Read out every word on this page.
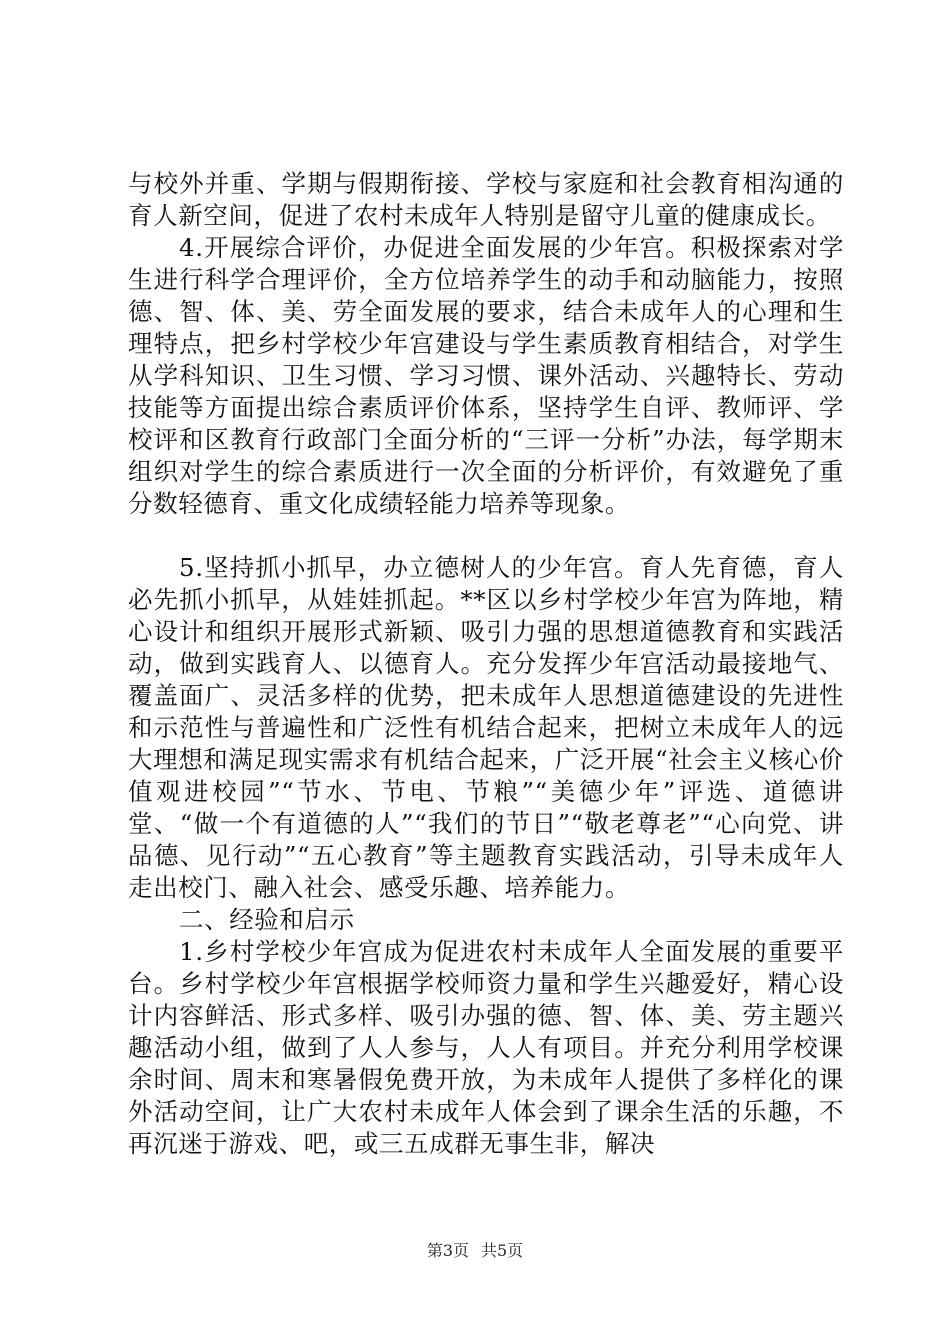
与校外并重、学期与假期衔接、学校与家庭和社会教育相沟通的育人新空间，促进了农村未成年人特别是留守儿童的健康成长。

4.开展综合评价，办促进全面发展的少年宫。积极探索对学生进行科学合理评价，全方位培养学生的动手和动脑能力，按照德、智、体、美、劳全面发展的要求，结合未成年人的心理和生理特点，把乡村学校少年宫建设与学生素质教育相结合，对学生从学科知识、卫生习惯、学习习惯、课外活动、兴趣特长、劳动技能等方面提出综合素质评价体系，坚持学生自评、教师评、学校评和区教育行政部门全面分析的“三评一分析”办法，每学期末组织对学生的综合素质进行一次全面的分析评价，有效避免了重分数轻德育、重文化成绩轻能力培养等现象。

5.坚持抓小抓早，办立德树人的少年宫。育人先育德，育人必先抓小抓早，从娃娃抓起。**区以乡村学校少年宫为阵地，精心设计和组织开展形式新颖、吸引力强的思想道德教育和实践活动，做到实践育人、以德育人。充分发挥少年宫活动最接地气、覆盖面广、灵活多样的优势，把未成年人思想道德建设的先进性和示范性与普遍性和广泛性有机结合起来，把树立未成年人的远大理想和满足现实需求有机结合起来，广泛开展“社会主义核心价值观进校园”“节水、节电、节粮”“美德少年”评选、道德讲堂、“做一个有道德的人”“我们的节日”“敬老尊老”“心向党、讲品德、见行动”“五心教育”等主题教育实践活动，引导未成年人走出校门、融入社会、感受乐趣、培养能力。

二、经验和启示

1.乡村学校少年宫成为促进农村未成年人全面发展的重要平台。乡村学校少年宫根据学校师资力量和学生兴趣爱好，精心设计内容鲜活、形式多样、吸引办强的德、智、体、美、劳主题兴趣活动小组，做到了人人参与，人人有项目。并充分利用学校课余时间、周末和寒暑假免费开放，为未成年人提供了多样化的课外活动空间，让广大农村未成年人体会到了课余生活的乐趣，不再沉迷于游戏、吧，或三五成群无事生非，解决

第3页 共5页
